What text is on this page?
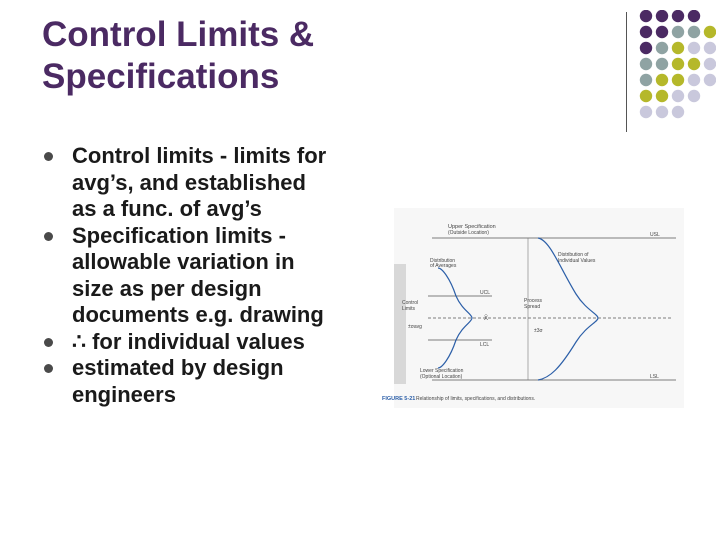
Control Limits &
Specifications
Control limits - limits for
avg’s, and established
as a func. of avg’s
Specification limits -
allowable variation in
size as per design
documents e.g. drawing
∴ for individual values
estimated by design
engineers
Upper Specification
(Outside Location)	USL
Distribution
of Averages
Distribution of
Individual Values
UCL
Control
Limits
Process
Spread
X̄
±σavg
±3σ
LCL
Lower Specification
(Optional Location)	LSL
FIGURE 5-21 Relationship of limits, specifications, and distributions.
